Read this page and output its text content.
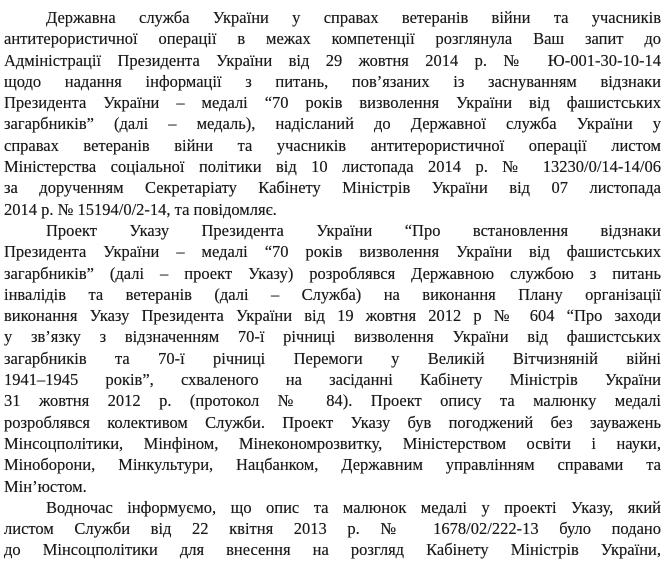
Державна служба України у справах ветеранів війни та учасників
антитерористичної операції в межах компетенції розглянула Ваш запит до
Адміністрації Президента України від 29 жовтня 2014 р. № Ю-001-30-10-14
щодо надання інформації з питань, пов’язаних із заснуванням відзнаки
Президента України – медалі “70 років визволення України від фашистських
загарбників” (далі – медаль), надісланий до Державної служба України у
справах ветеранів війни та учасників антитерористичної операції листом
Міністерства соціальної політики від 10 листопада 2014 р. № 13230/0/14-14/06
за дорученням Секретаріату Кабінету Міністрів України від 07 листопада
2014 р. № 15194/0/2-14, та повідомляє.

Проект Указу Президента України “Про встановлення відзнаки
Президента України – медалі “70 років визволення України від фашистських
загарбників” (далі – проект Указу) розроблявся Державною службою з питань
інвалідів та ветеранів (далі – Служба) на виконання Плану організації
виконання Указу Президента України від 19 жовтня 2012 р № 604 “Про заходи
у зв’язку з відзначенням 70-ї річниці визволення України від фашистських
загарбників та 70-ї річниці Перемоги у Великій Вітчизняній війні
1941–1945 років”, схваленого на засіданні Кабінету Міністрів України
31 жовтня 2012 р. (протокол № 84). Проект опису та малюнку медалі
розроблявся колективом Служби. Проект Указу був погоджений без зауважень
Мінсоцполітики, Мінфіном, Мінекономрозвитку, Міністерством освіти і науки,
Міноборони, Мінкультури, Нацбанком, Державним управлінням справами та
Мін’юстом.

Водночас інформуємо, що опис та малюнок медалі у проекті Указу, який
листом Служби від 22 квітня 2013 р. № 1678/02/222-13 було подано
до Мінсоцполітики для внесення на розгляд Кабінету Міністрів України,
